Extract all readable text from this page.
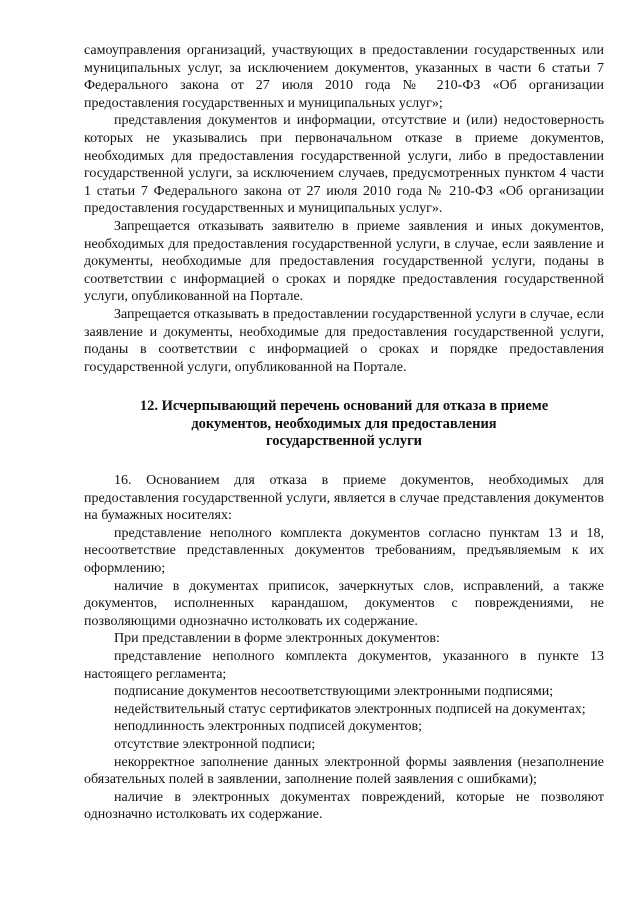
самоуправления организаций, участвующих в предоставлении государственных или муниципальных услуг, за исключением документов, указанных в части 6 статьи 7 Федерального закона от 27 июля 2010 года № 210-ФЗ «Об организации предоставления государственных и муниципальных услуг»;

представления документов и информации, отсутствие и (или) недостоверность которых не указывались при первоначальном отказе в приеме документов, необходимых для предоставления государственной услуги, либо в предоставлении государственной услуги, за исключением случаев, предусмотренных пунктом 4 части 1 статьи 7 Федерального закона от 27 июля 2010 года № 210-ФЗ «Об организации предоставления государственных и муниципальных услуг».

Запрещается отказывать заявителю в приеме заявления и иных документов, необходимых для предоставления государственной услуги, в случае, если заявление и документы, необходимые для предоставления государственной услуги, поданы в соответствии с информацией о сроках и порядке предоставления государственной услуги, опубликованной на Портале.

Запрещается отказывать в предоставлении государственной услуги в случае, если заявление и документы, необходимые для предоставления государственной услуги, поданы в соответствии с информацией о сроках и порядке предоставления государственной услуги, опубликованной на Портале.

12. Исчерпывающий перечень оснований для отказа в приеме
документов, необходимых для предоставления
государственной услуги

16. Основанием для отказа в приеме документов, необходимых для предоставления государственной услуги, является в случае представления документов на бумажных носителях:

представление неполного комплекта документов согласно пунктам 13 и 18, несоответствие представленных документов требованиям, предъявляемым к их оформлению;

наличие в документах приписок, зачеркнутых слов, исправлений, а также документов, исполненных карандашом, документов с повреждениями, не позволяющими однозначно истолковать их содержание.

При представлении в форме электронных документов:

представление неполного комплекта документов, указанного в пункте 13 настоящего регламента;

подписание документов несоответствующими электронными подписями;

недействительный статус сертификатов электронных подписей на документах;

неподлинность электронных подписей документов;

отсутствие электронной подписи;

некорректное заполнение данных электронной формы заявления (незаполнение обязательных полей в заявлении, заполнение полей заявления с ошибками);

наличие в электронных документах повреждений, которые не позволяют однозначно истолковать их содержание.
